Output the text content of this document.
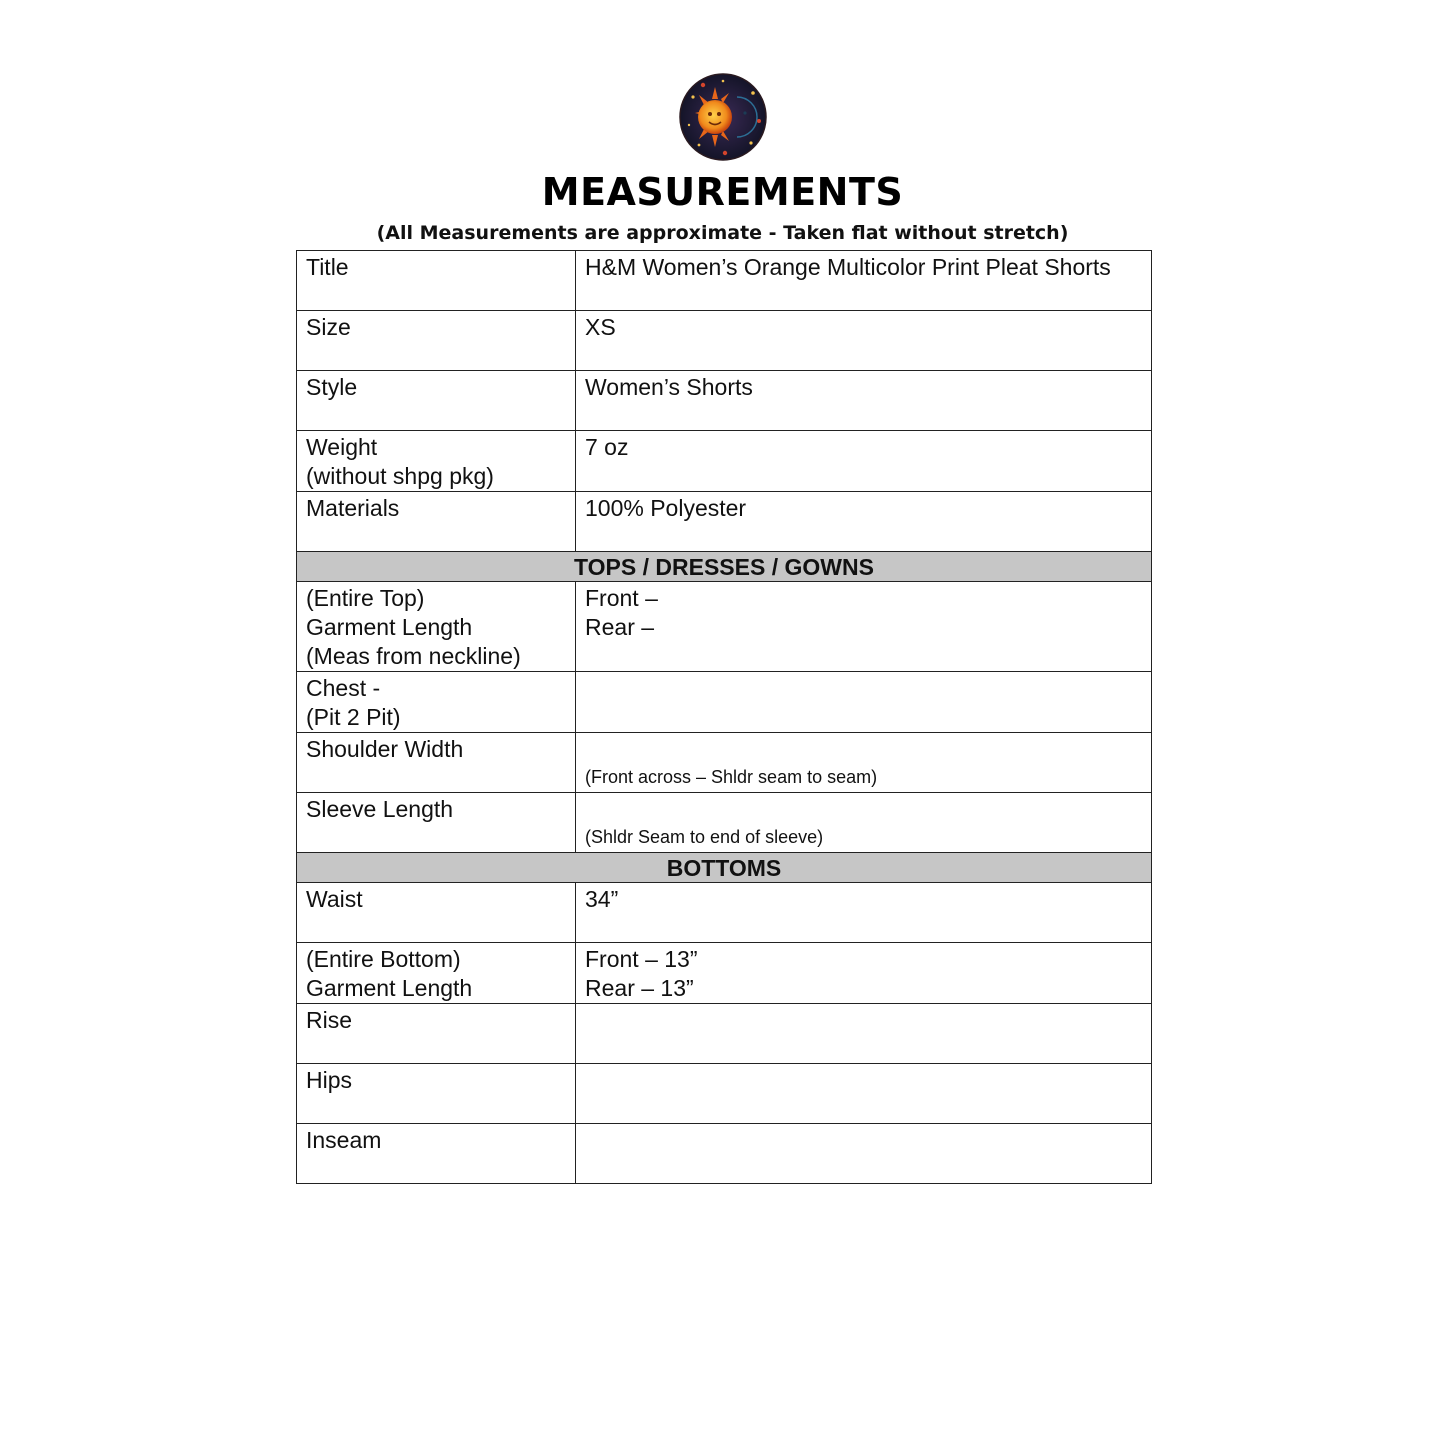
MEASUREMENTS
(All Measurements are approximate - Taken flat without stretch)
Title	H&M Women’s Orange Multicolor Print Pleat Shorts
Size	XS
Style	Women’s Shorts

Weight
(without shpg pkg)	7 oz
Materials	100% Polyester
TOPS / DRESSES / GOWNS	

(Entire Top)
Garment Length
(Meas from neckline)	Front –
Rear –

Chest -
(Pit 2 Pit)	

Shoulder Width	(Front across – Shldr seam to seam)

Sleeve Length	(Shldr Seam to end of sleeve)

BOTTOMS	
Waist	34”

(Entire Bottom)
Garment Length	Front – 13”
Rear – 13”

Rise	
Hips	
Inseam	
